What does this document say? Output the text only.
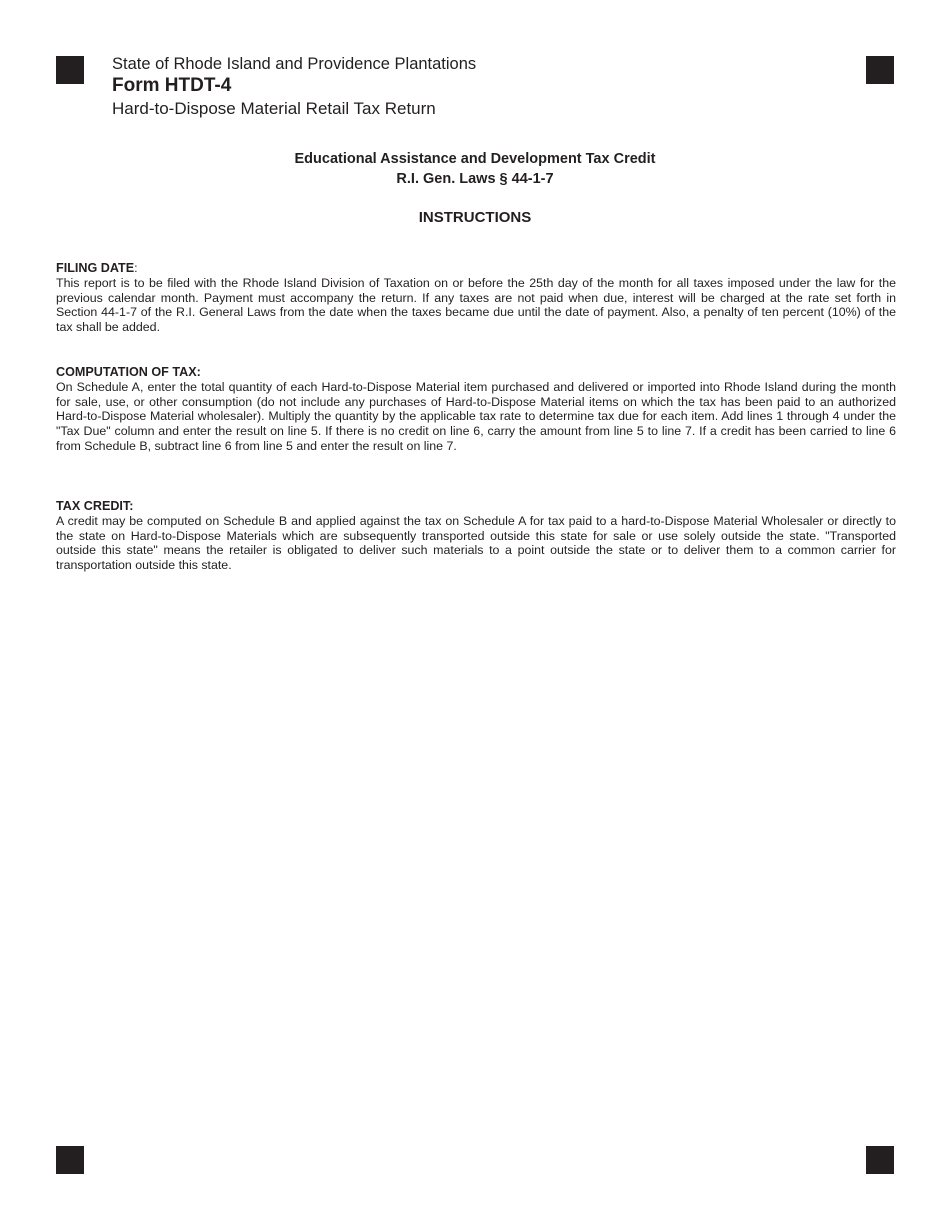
State of Rhode Island and Providence Plantations
Form HTDT-4
Hard-to-Dispose Material Retail Tax Return
Educational Assistance and Development Tax Credit
R.I. Gen. Laws § 44-1-7
INSTRUCTIONS
FILING DATE:

This report is to be filed with the Rhode Island Division of Taxation on or before the 25th day of the month for all taxes imposed under the law for the previous calendar month. Payment must accompany the return. If any taxes are not paid when due, interest will be charged at the rate set forth in Section 44-1-7 of the R.I. General Laws from the date when the taxes became due until the date of payment. Also, a penalty of ten percent (10%) of the tax shall be added.

COMPUTATION OF TAX:

On Schedule A, enter the total quantity of each Hard-to-Dispose Material item purchased and delivered or imported into Rhode Island during the month for sale, use, or other consumption (do not include any purchases of Hard-to-Dispose Material items on which the tax has been paid to an authorized Hard-to-Dispose Material wholesaler). Multiply the quantity by the applicable tax rate to determine tax due for each item. Add lines 1 through 4 under the "Tax Due" column and enter the result on line 5. If there is no credit on line 6, carry the amount from line 5 to line 7. If a credit has been carried to line 6 from Schedule B, subtract line 6 from line 5 and enter the result on line 7.

TAX CREDIT:

A credit may be computed on Schedule B and applied against the tax on Schedule A for tax paid to a hard-to-Dispose Material Wholesaler or directly to the state on Hard-to-Dispose Materials which are subsequently transported outside this state for sale or use solely outside the state. "Transported outside this state" means the retailer is obligated to deliver such materials to a point outside the state or to deliver them to a common carrier for transportation outside this state.
